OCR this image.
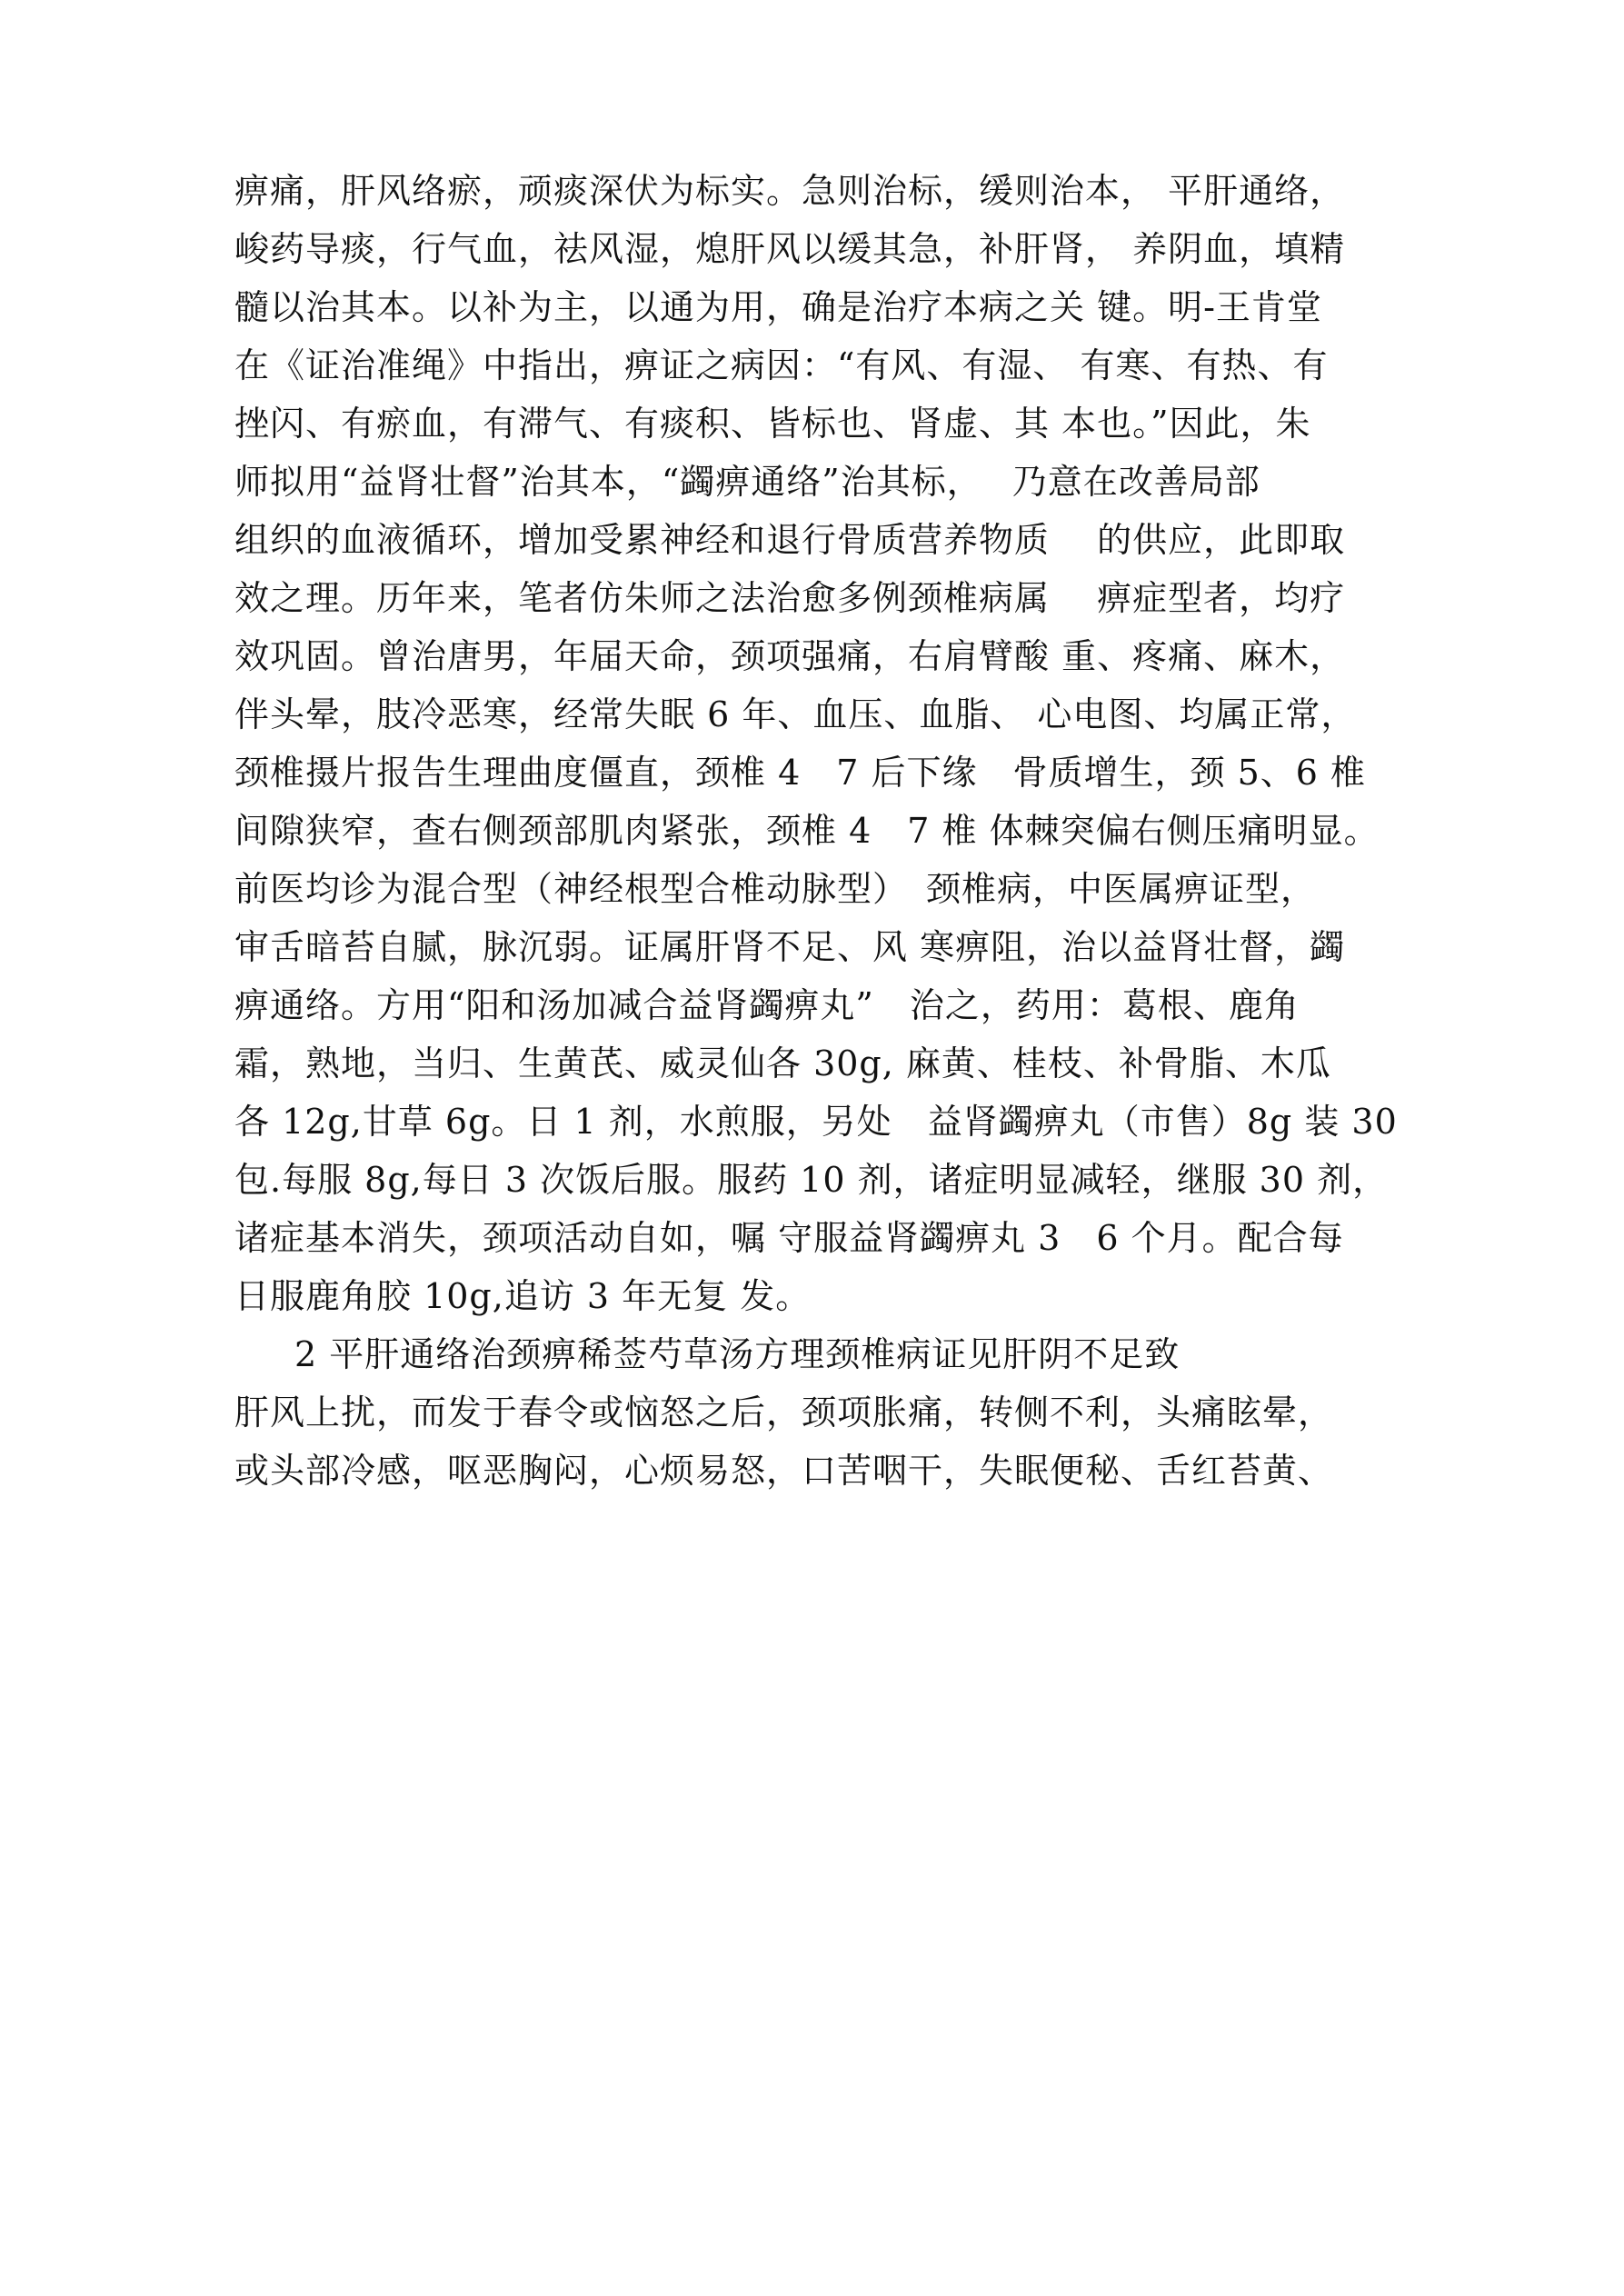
痹痛，肝风络瘀，顽痰深伏为标实。急则治标，缓则治本， 平肝通络，
峻药导痰，行气血，祛风湿，熄肝风以缓其急，补肝肾， 养阴血，填精
髓以治其本。以补为主，以通为用，确是治疗本病之关 键。明-王肯堂
在《证治准绳》中指出，痹证之病因：“有风、有湿、 有寒、有热、有
挫闪、有瘀血，有滞气、有痰积、皆标也、肾虚、其 本也。”因此，朱
师拟用“益肾壮督”治其本，“蠲痹通络”治其标，　 乃意在改善局部
组织的血液循环，增加受累神经和退行骨质营养物质　 的供应，此即取
效之理。历年来，笔者仿朱师之法治愈多例颈椎病属　 痹症型者，均疗
效巩固。曾治唐男，年届天命，颈项强痛，右肩臂酸 重、疼痛、麻木，
伴头晕，肢冷恶寒，经常失眠 6 年、血压、血脂、 心电图、均属正常，
颈椎摄片报告生理曲度僵直，颈椎 4　7 后下缘　骨质增生，颈 5、6 椎
间隙狭窄，查右侧颈部肌肉紧张，颈椎 4　7 椎 体棘突偏右侧压痛明显。
前医均诊为混合型（神经根型合椎动脉型）　颈椎病，中医属痹证型，
审舌暗苔自腻，脉沉弱。证属肝肾不足、风 寒痹阻，治以益肾壮督，蠲
痹通络。方用“阳和汤加减合益肾蠲痹丸”　治之，药用：葛根、鹿角
霜，熟地，当归、生黄芪、威灵仙各 30g, 麻黄、桂枝、补骨脂、木瓜
各 12g,甘草 6g。日 1 剂，水煎服，另处　益肾蠲痹丸（市售）8g 装 30
包.每服 8g,每日 3 次饭后服。服药 10 剂，诸症明显减轻，继服 30 剂，
诸症基本消失，颈项活动自如，嘱 守服益肾蠲痹丸 3　6 个月。配合每
日服鹿角胶 10g,追访 3 年无复 发。
2 平肝通络治颈痹稀莶芍草汤方理颈椎病证见肝阴不足致
肝风上扰，而发于春令或恼怒之后，颈项胀痛，转侧不利，头痛眩晕，
或头部冷感，呕恶胸闷，心烦易怒，口苦咽干，失眠便秘、舌红苔黄、
